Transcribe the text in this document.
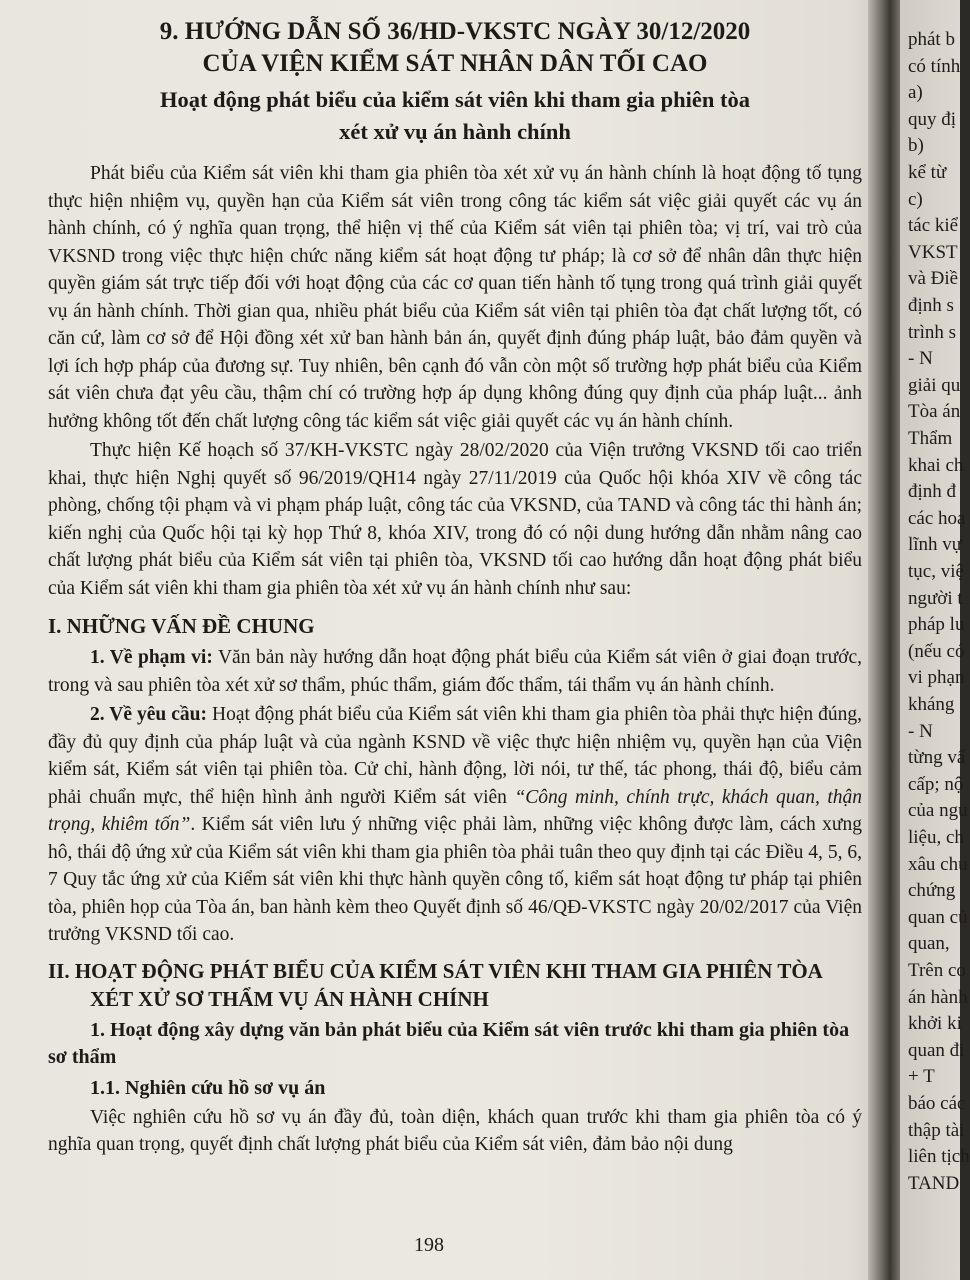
9. HƯỚNG DẪN SỐ 36/HD-VKSTC NGÀY 30/12/2020
CỦA VIỆN KIỂM SÁT NHÂN DÂN TỐI CAO
Hoạt động phát biểu của kiểm sát viên khi tham gia phiên tòa
xét xử vụ án hành chính

Phát biểu của Kiểm sát viên khi tham gia phiên tòa xét xử vụ án hành chính là hoạt động tố tụng thực hiện nhiệm vụ, quyền hạn của Kiểm sát viên trong công tác kiểm sát việc giải quyết các vụ án hành chính, có ý nghĩa quan trọng, thể hiện vị thế của Kiểm sát viên tại phiên tòa; vị trí, vai trò của VKSND trong việc thực hiện chức năng kiểm sát hoạt động tư pháp; là cơ sở để nhân dân thực hiện quyền giám sát trực tiếp đối với hoạt động của các cơ quan tiến hành tố tụng trong quá trình giải quyết vụ án hành chính. Thời gian qua, nhiều phát biểu của Kiểm sát viên tại phiên tòa đạt chất lượng tốt, có căn cứ, làm cơ sở để Hội đồng xét xử ban hành bản án, quyết định đúng pháp luật, bảo đảm quyền và lợi ích hợp pháp của đương sự. Tuy nhiên, bên cạnh đó vẫn còn một số trường hợp phát biểu của Kiểm sát viên chưa đạt yêu cầu, thậm chí có trường hợp áp dụng không đúng quy định của pháp luật... ảnh hưởng không tốt đến chất lượng công tác kiểm sát việc giải quyết các vụ án hành chính.

Thực hiện Kế hoạch số 37/KH-VKSTC ngày 28/02/2020 của Viện trưởng VKSND tối cao triển khai, thực hiện Nghị quyết số 96/2019/QH14 ngày 27/11/2019 của Quốc hội khóa XIV về công tác phòng, chống tội phạm và vi phạm pháp luật, công tác của VKSND, của TAND và công tác thi hành án; kiến nghị của Quốc hội tại kỳ họp Thứ 8, khóa XIV, trong đó có nội dung hướng dẫn nhằm nâng cao chất lượng phát biểu của Kiểm sát viên tại phiên tòa, VKSND tối cao hướng dẫn hoạt động phát biểu của Kiểm sát viên khi tham gia phiên tòa xét xử vụ án hành chính như sau:

I. NHỮNG VẤN ĐỀ CHUNG

1. Về phạm vi: Văn bản này hướng dẫn hoạt động phát biểu của Kiểm sát viên ở giai đoạn trước, trong và sau phiên tòa xét xử sơ thẩm, phúc thẩm, giám đốc thẩm, tái thẩm vụ án hành chính.

2. Về yêu cầu: Hoạt động phát biểu của Kiểm sát viên khi tham gia phiên tòa phải thực hiện đúng, đầy đủ quy định của pháp luật và của ngành KSND về việc thực hiện nhiệm vụ, quyền hạn của Viện kiểm sát, Kiểm sát viên tại phiên tòa. Cử chỉ, hành động, lời nói, tư thế, tác phong, thái độ, biểu cảm phải chuẩn mực, thể hiện hình ảnh người Kiểm sát viên “Công minh, chính trực, khách quan, thận trọng, khiêm tốn”. Kiểm sát viên lưu ý những việc phải làm, những việc không được làm, cách xưng hô, thái độ ứng xử của Kiểm sát viên khi tham gia phiên tòa phải tuân theo quy định tại các Điều 4, 5, 6, 7 Quy tắc ứng xử của Kiểm sát viên khi thực hành quyền công tố, kiểm sát hoạt động tư pháp tại phiên tòa, phiên họp của Tòa án, ban hành kèm theo Quyết định số 46/QĐ-VKSTC ngày 20/02/2017 của Viện trưởng VKSND tối cao.

II. HOẠT ĐỘNG PHÁT BIỂU CỦA KIỂM SÁT VIÊN KHI THAM GIA PHIÊN TÒA XÉT XỬ SƠ THẨM VỤ ÁN HÀNH CHÍNH
1. Hoạt động xây dựng văn bản phát biểu của Kiểm sát viên trước khi tham gia phiên tòa sơ thẩm
1.1. Nghiên cứu hồ sơ vụ án

Việc nghiên cứu hồ sơ vụ án đầy đủ, toàn diện, khách quan trước khi tham gia phiên tòa có ý nghĩa quan trọng, quyết định chất lượng phát biểu của Kiểm sát viên, đảm bảo nội dung

198
phát b
có tính
a)
quy đị
b)
kể từ
c)
tác kiể
VKST
và Điề
định s
trình s
- N
giải qu
Tòa án
Thẩm
khai ch
định đ
các hoạ
lĩnh vự
tục, việ
người t
pháp lu
(nếu có
vi phạn
kháng
- N
từng vấ
cấp; nộ
của ngu
liệu, ch
xâu chu
chứng
quan củ
quan,
Trên co
án hành
khởi ki
quan đi
+ T
báo các
thập tài
liên tịch
TAND
